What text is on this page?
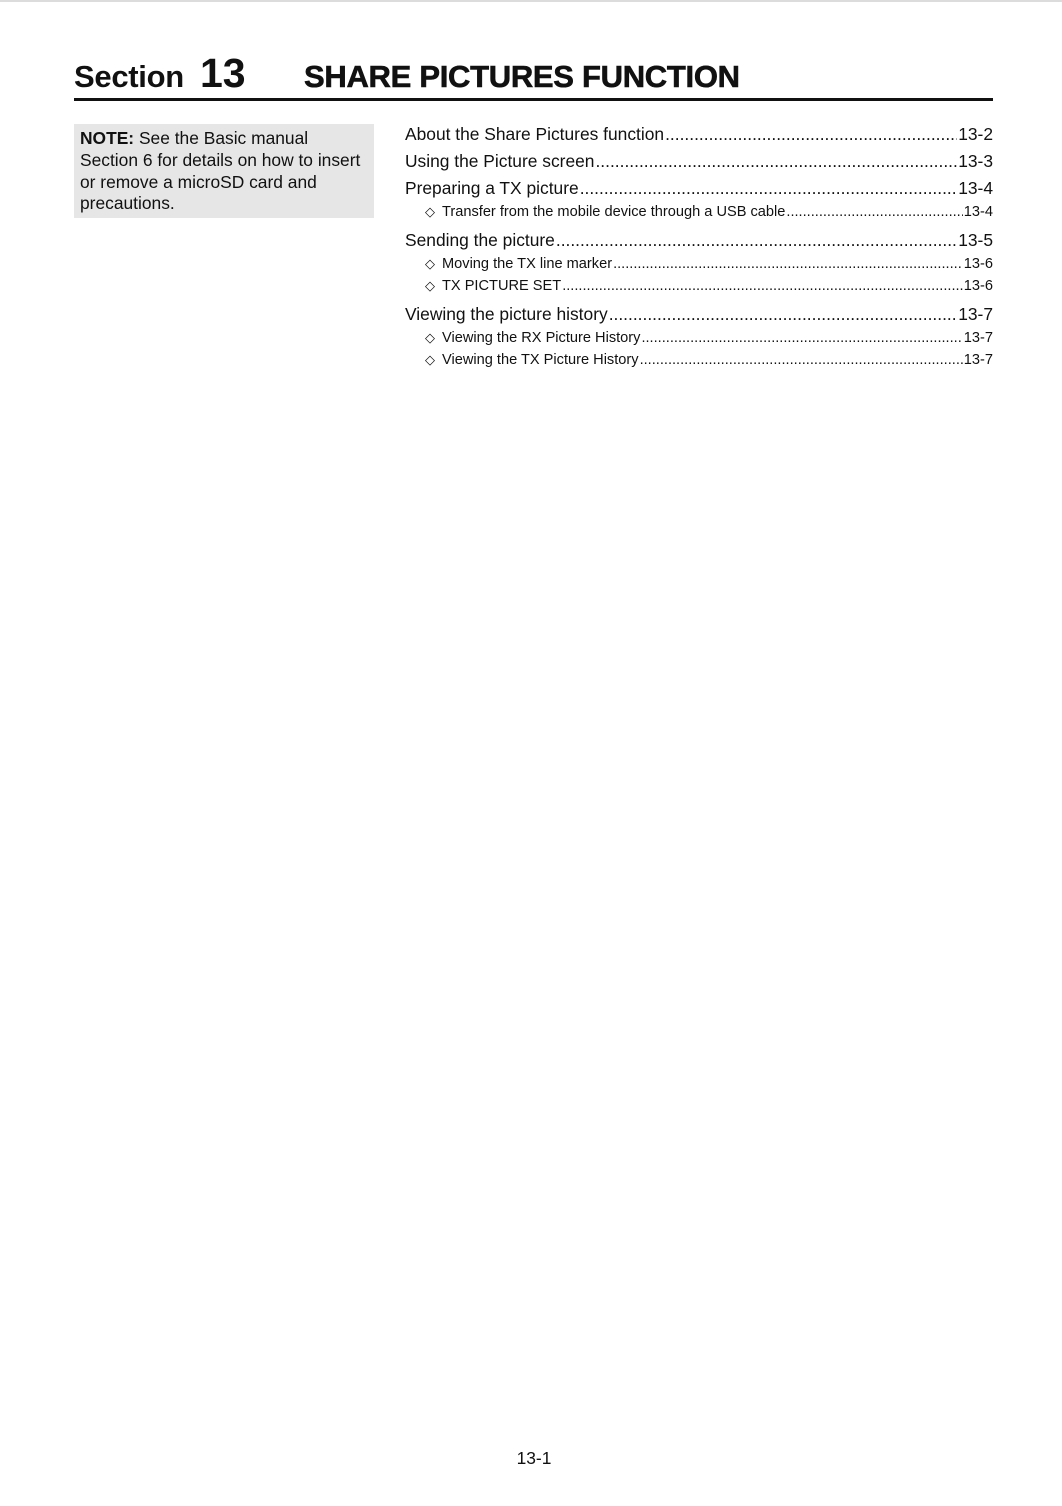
Section 13 SHARE PICTURES FUNCTION

NOTE: See the Basic manual Section 6 for details on how to insert or remove a microSD card and precautions.

About the Share Pictures function .....	13-2
Using the Picture screen .....	13-3
Preparing a TX picture .....	13-4
◇ Transfer from the mobile device through a USB cable .....	13-4
Sending the picture .....	13-5
◇ Moving the TX line marker .....	13-6
◇ TX PICTURE SET .....	13-6
Viewing the picture history .....	13-7
◇ Viewing the RX Picture History .....	13-7
◇ Viewing the TX Picture History .....	13-7
13-1
